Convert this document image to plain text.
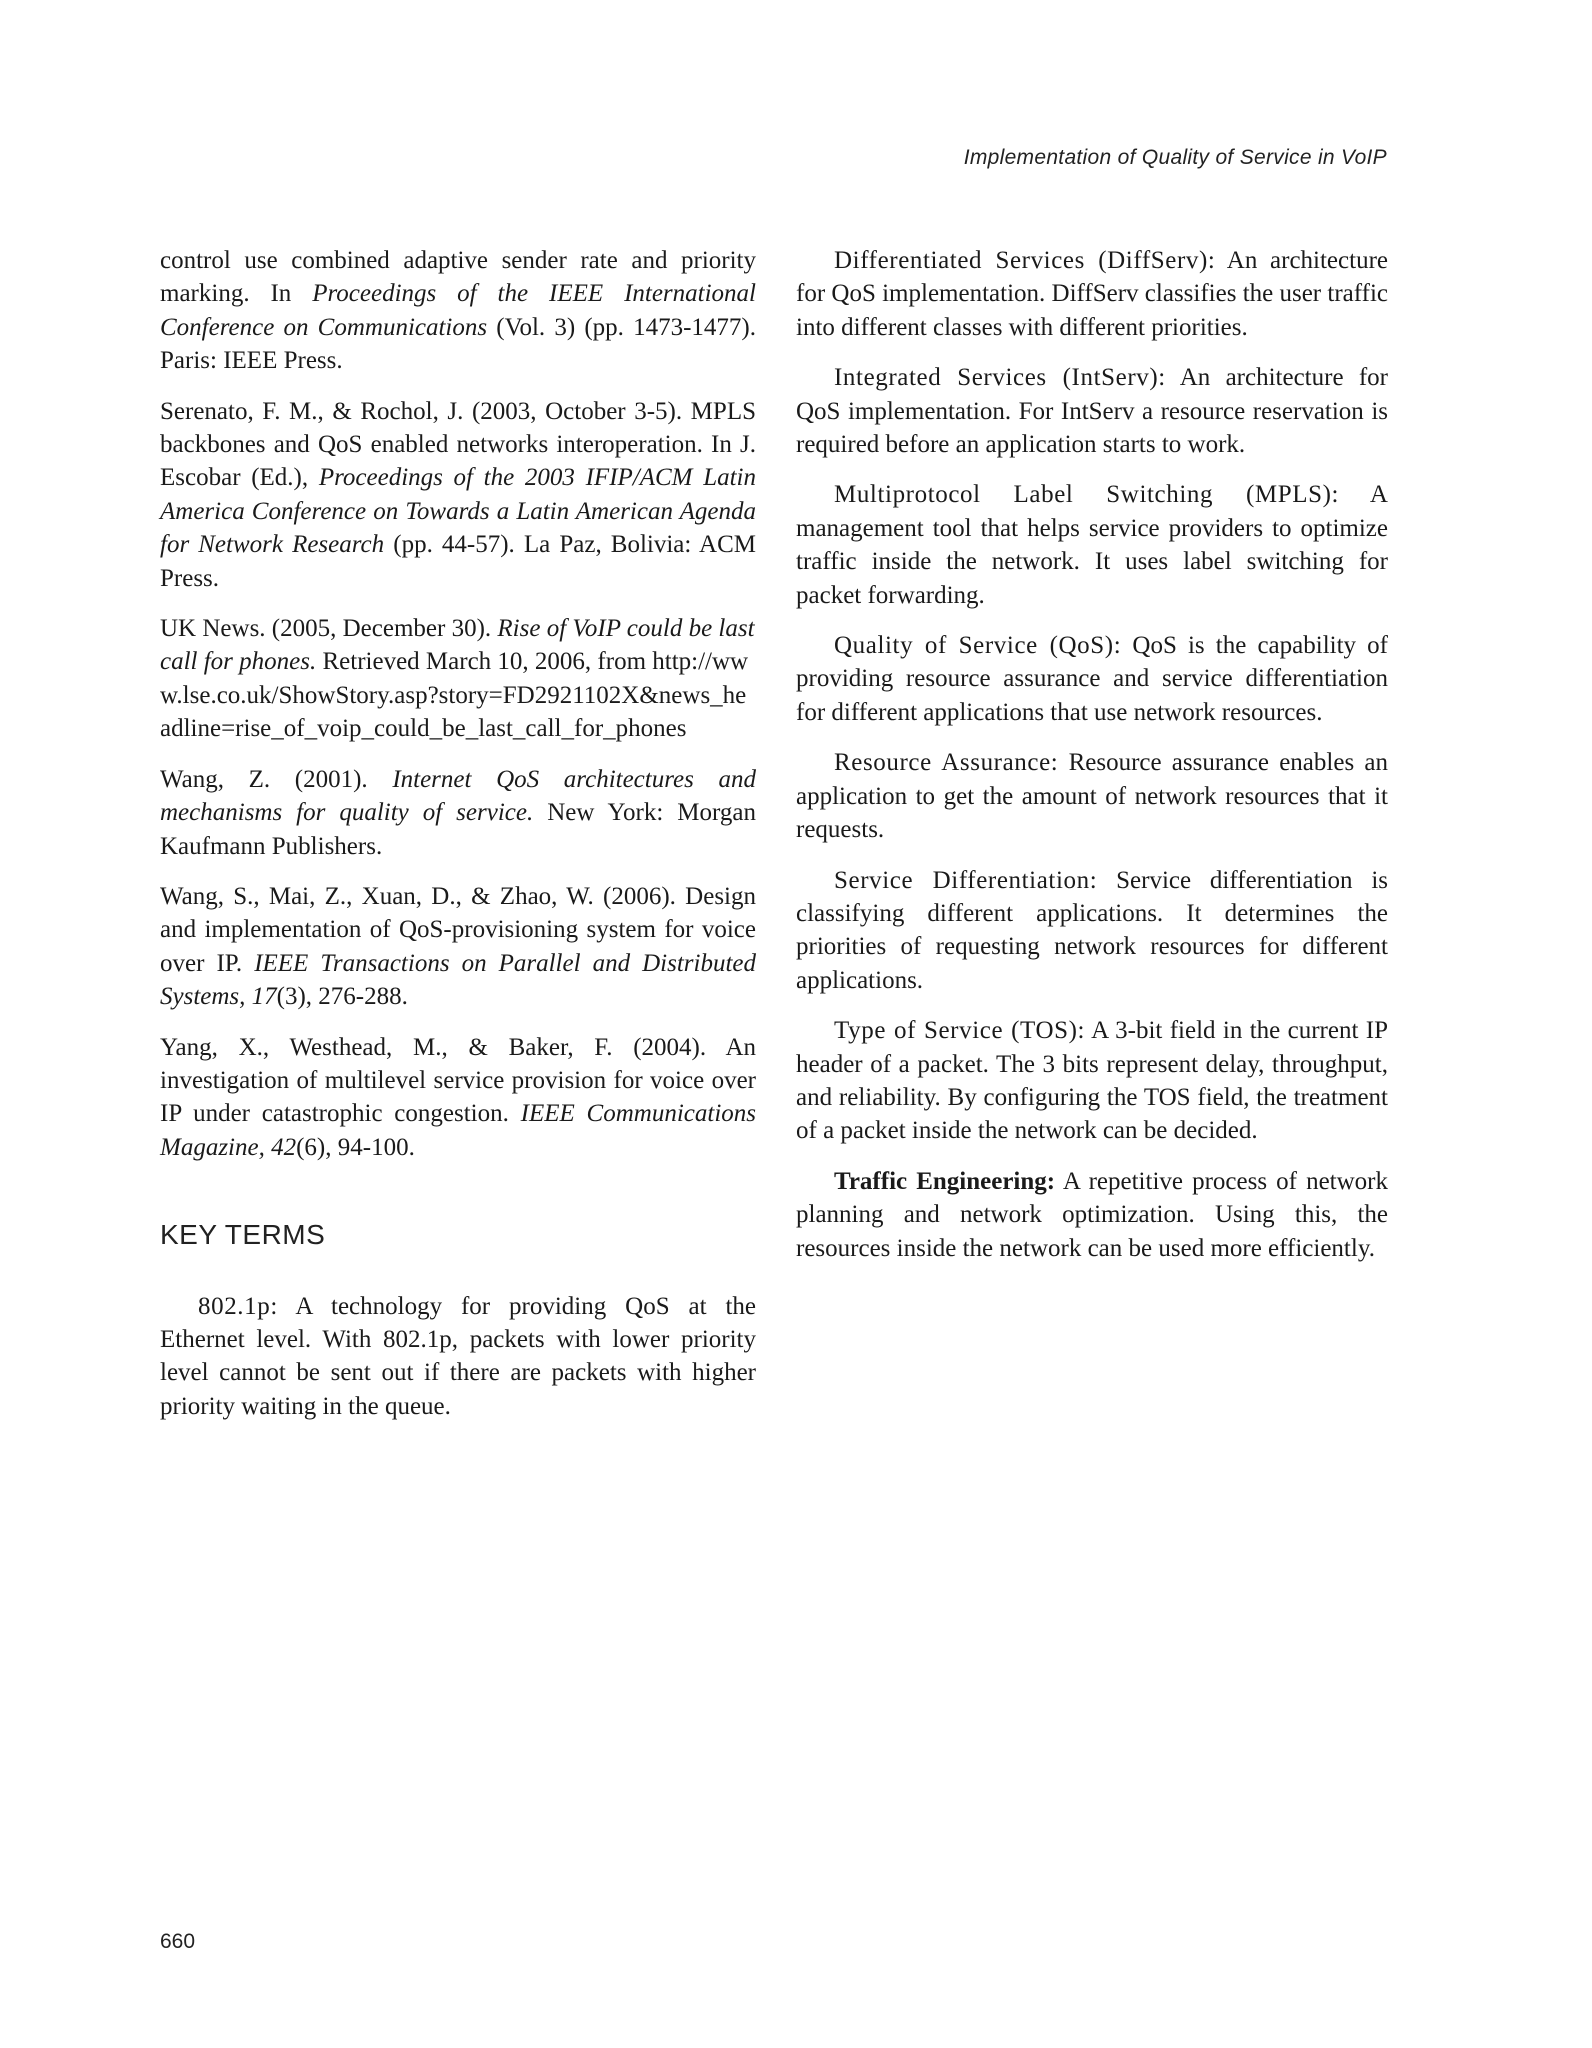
Implementation of Quality of Service in VoIP

control use combined adaptive sender rate and priority marking. In Proceedings of the IEEE International Conference on Communications (Vol. 3) (pp. 1473-1477). Paris: IEEE Press.

Serenato, F. M., & Rochol, J. (2003, October 3-5). MPLS backbones and QoS enabled networks interoperation. In J. Escobar (Ed.), Proceedings of the 2003 IFIP/ACM Latin America Conference on Towards a Latin American Agenda for Network Research (pp. 44-57). La Paz, Bolivia: ACM Press.

UK News. (2005, December 30). Rise of VoIP could be last call for phones. Retrieved March 10, 2006, from http://www.lse.co.uk/ShowStory.asp?story=FD2921102X&news_headline=rise_of_voip_could_be_last_call_for_phones

Wang, Z. (2001). Internet QoS architectures and mechanisms for quality of service. New York: Morgan Kaufmann Publishers.

Wang, S., Mai, Z., Xuan, D., & Zhao, W. (2006). Design and implementation of QoS-provisioning system for voice over IP. IEEE Transactions on Parallel and Distributed Systems, 17(3), 276-288.

Yang, X., Westhead, M., & Baker, F. (2004). An investigation of multilevel service provision for voice over IP under catastrophic congestion. IEEE Communications Magazine, 42(6), 94-100.

KEY TERMS

802.1p: A technology for providing QoS at the Ethernet level. With 802.1p, packets with lower priority level cannot be sent out if there are packets with higher priority waiting in the queue.

Differentiated Services (DiffServ): An architecture for QoS implementation. DiffServ classifies the user traffic into different classes with different priorities.

Integrated Services (IntServ): An architecture for QoS implementation. For IntServ a resource reservation is required before an application starts to work.

Multiprotocol Label Switching (MPLS): A management tool that helps service providers to optimize traffic inside the network. It uses label switching for packet forwarding.

Quality of Service (QoS): QoS is the capability of providing resource assurance and service differentiation for different applications that use network resources.

Resource Assurance: Resource assurance enables an application to get the amount of network resources that it requests.

Service Differentiation: Service differentiation is classifying different applications. It determines the priorities of requesting network resources for different applications.

Type of Service (TOS): A 3-bit field in the current IP header of a packet. The 3 bits represent delay, throughput, and reliability. By configuring the TOS field, the treatment of a packet inside the network can be decided.

Traffic Engineering: A repetitive process of network planning and network optimization. Using this, the resources inside the network can be used more efficiently.

660
